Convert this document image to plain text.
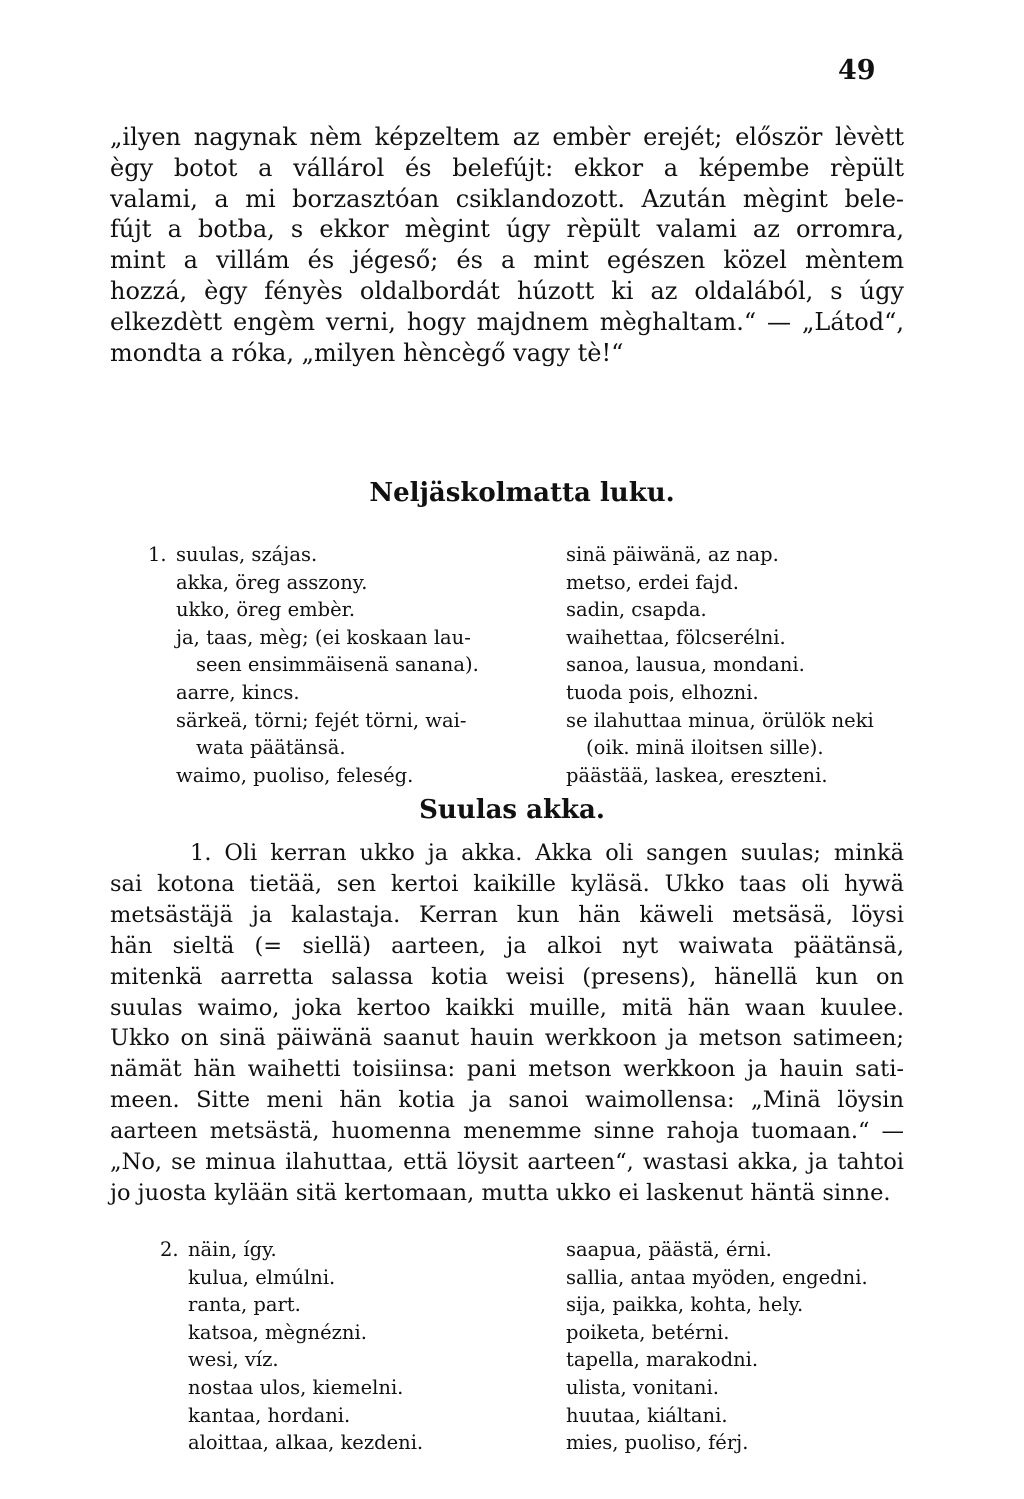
49
„ilyen nagynak nèm képzeltem az embèr erejét; először lèvètt
ègy botot a vállárol és belefújt: ekkor a képembe rèpült
valami, a mi borzasztóan csiklandozott. Azután mègint bele-
fújt a botba, s ekkor mègint úgy rèpült valami az orromra,
mint a villám és jégeső; és a mint egészen közel mèntem
hozzá, ègy fényès oldalbordát húzott ki az oldalából, s úgy
elkezdètt engèm verni, hogy majdnem mèghaltam.“ — „Látod“,
mondta a róka, „milyen hèncègő vagy tè!“
Neljäskolmatta luku.
1. suulas, szájas.
akka, öreg asszony.
ukko, öreg embèr.
ja, taas, mèg; (ei koskaan lau-
seen ensimmäisenä sanana).
aarre, kincs.
särkeä, törni; fejét törni, wai-
wata päätänsä.
waimo, puoliso, feleség.
sinä päiwänä, az nap.
metso, erdei fajd.
sadin, csapda.
waihettaa, fölcserélni.
sanoa, lausua, mondani.
tuoda pois, elhozni.
se ilahuttaa minua, örülök neki
(oik. minä iloitsen sille).
päästää, laskea, ereszteni.
Suulas akka.
1. Oli kerran ukko ja akka. Akka oli sangen suulas; minkä
sai kotona tietää, sen kertoi kaikille kyläsä. Ukko taas oli hywä
metsästäjä ja kalastaja. Kerran kun hän käweli metsäsä, löysi
hän sieltä (= siellä) aarteen, ja alkoi nyt waiwata päätänsä,
mitenkä aarretta salassa kotia weisi (presens), hänellä kun on
suulas waimo, joka kertoo kaikki muille, mitä hän waan kuulee.
Ukko on sinä päiwänä saanut hauin werkkoon ja metson satimeen;
nämät hän waihetti toisiinsa: pani metson werkkoon ja hauin sati-
meen. Sitte meni hän kotia ja sanoi waimollensa: „Minä löysin
aarteen metsästä, huomenna menemme sinne rahoja tuomaan.“ —
„No, se minua ilahuttaa, että löysit aarteen“, wastasi akka, ja tahtoi
jo juosta kylään sitä kertomaan, mutta ukko ei laskenut häntä sinne.
2. näin, így.
kulua, elmúlni.
ranta, part.
katsoa, mègnézni.
wesi, víz.
nostaa ulos, kiemelni.
kantaa, hordani.
aloittaa, alkaa, kezdeni.
saapua, päästä, érni.
sallia, antaa myöden, engedni.
sija, paikka, kohta, hely.
poiketa, betérni.
tapella, marakodni.
ulista, vonitani.
huutaa, kiáltani.
mies, puoliso, férj.
